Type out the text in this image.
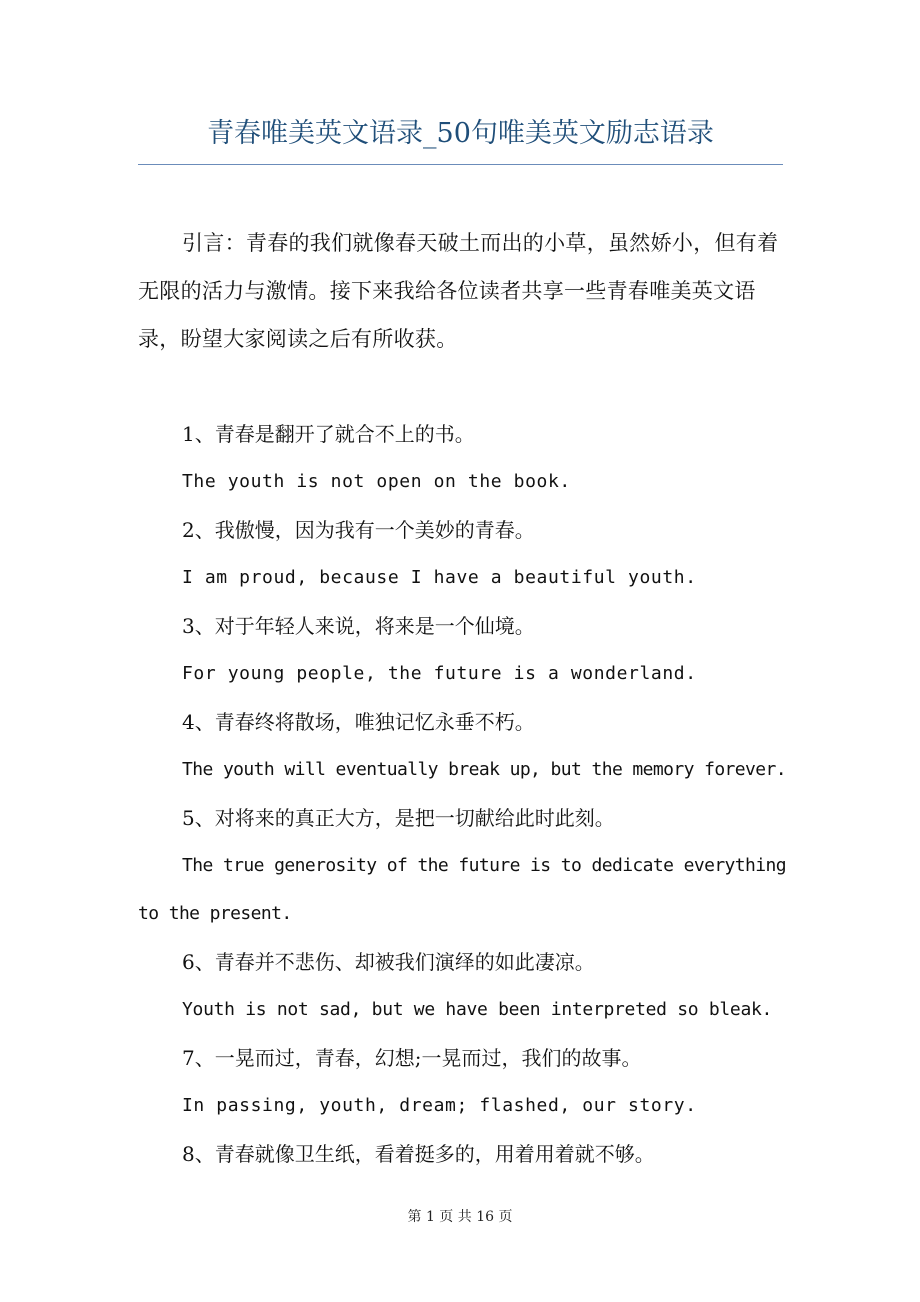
青春唯美英文语录_50句唯美英文励志语录
引言：青春的我们就像春天破土而出的小草，虽然娇小，但有着无限的活力与激情。接下来我给各位读者共享一些青春唯美英文语录，盼望大家阅读之后有所收获。
1、青春是翻开了就合不上的书。
The youth is not open on the book.
2、我傲慢，因为我有一个美妙的青春。
I am proud, because I have a beautiful youth.
3、对于年轻人来说，将来是一个仙境。
For young people, the future is a wonderland.
4、青春终将散场，唯独记忆永垂不朽。
The youth will eventually break up, but the memory forever.
5、对将来的真正大方，是把一切献给此时此刻。
The true generosity of the future is to dedicate everything to the present.
6、青春并不悲伤、却被我们演绎的如此凄凉。
Youth is not sad, but we have been interpreted so bleak.
7、一晃而过，青春，幻想;一晃而过，我们的故事。
In passing, youth, dream; flashed, our story.
8、青春就像卫生纸，看着挺多的，用着用着就不够。
第 1 页 共 16 页
